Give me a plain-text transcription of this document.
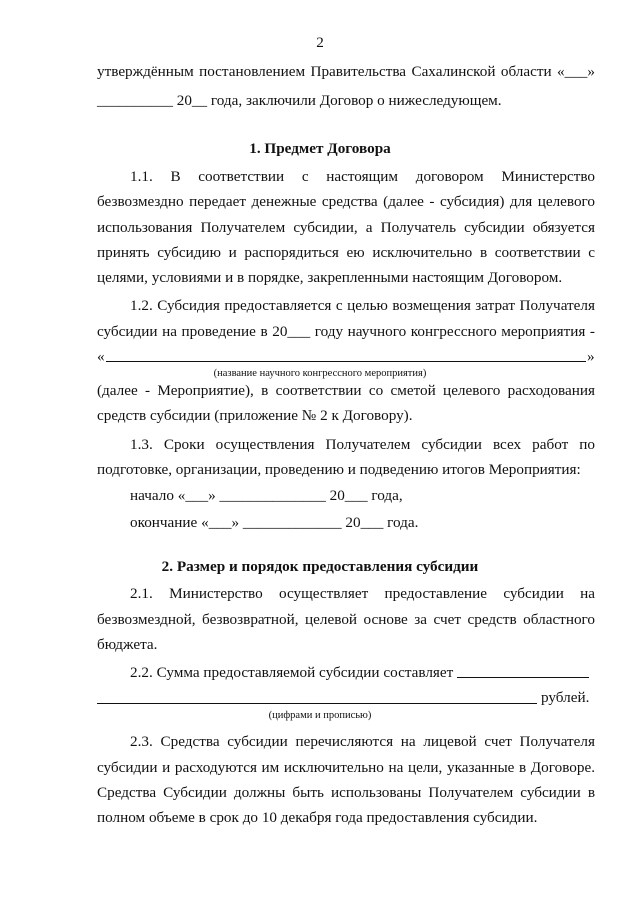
2
утверждённым постановлением Правительства Сахалинской области «___»
__________ 20__ года, заключили Договор о нижеследующем.
1. Предмет Договора
1.1. В соответствии с настоящим договором Министерство
безвозмездно передает денежные средства (далее - субсидия) для целевого
использования Получателем субсидии, а Получатель субсидии обязуется
принять субсидию и распорядиться ею исключительно в соответствии с
целями, условиями и в порядке, закрепленными настоящим Договором.
1.2. Субсидия предоставляется с целью возмещения затрат Получателя
субсидии на проведение в 20___ году научного конгрессного мероприятия -
«	»
(название научного конгрессного мероприятия)
(далее - Мероприятие), в соответствии со сметой целевого расходования
средств субсидии (приложение № 2 к Договору).
1.3. Сроки осуществления Получателем субсидии всех работ по
подготовке, организации, проведению и подведению итогов Мероприятия:
начало «___» ______________ 20___ года,
окончание «___» _____________ 20___ года.
2. Размер и порядок предоставления субсидии
2.1. Министерство осуществляет предоставление субсидии на
безвозмездной, безвозвратной, целевой основе за счет средств областного
бюджета.
2.2. Сумма предоставляемой субсидии составляет
рублей.
(цифрами и прописью)
2.3. Средства субсидии перечисляются на лицевой счет Получателя
субсидии и расходуются им исключительно на цели, указанные в Договоре.
Средства Субсидии должны быть использованы Получателем субсидии в
полном объеме в срок до 10 декабря года предоставления субсидии.
